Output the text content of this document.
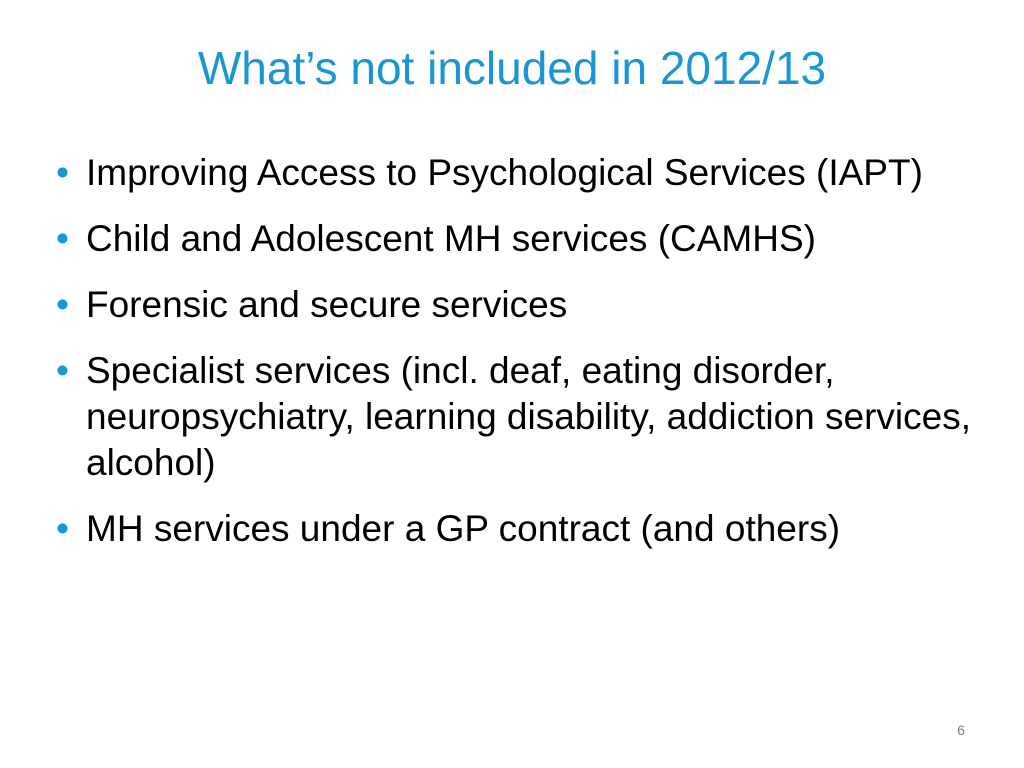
What’s not included in 2012/13
• Improving Access to Psychological Services (IAPT)
• Child and Adolescent MH services (CAMHS)
• Forensic and secure services
• Specialist services (incl. deaf, eating disorder, neuropsychiatry, learning disability, addiction services, alcohol)
• MH services under a GP contract (and others)
6
